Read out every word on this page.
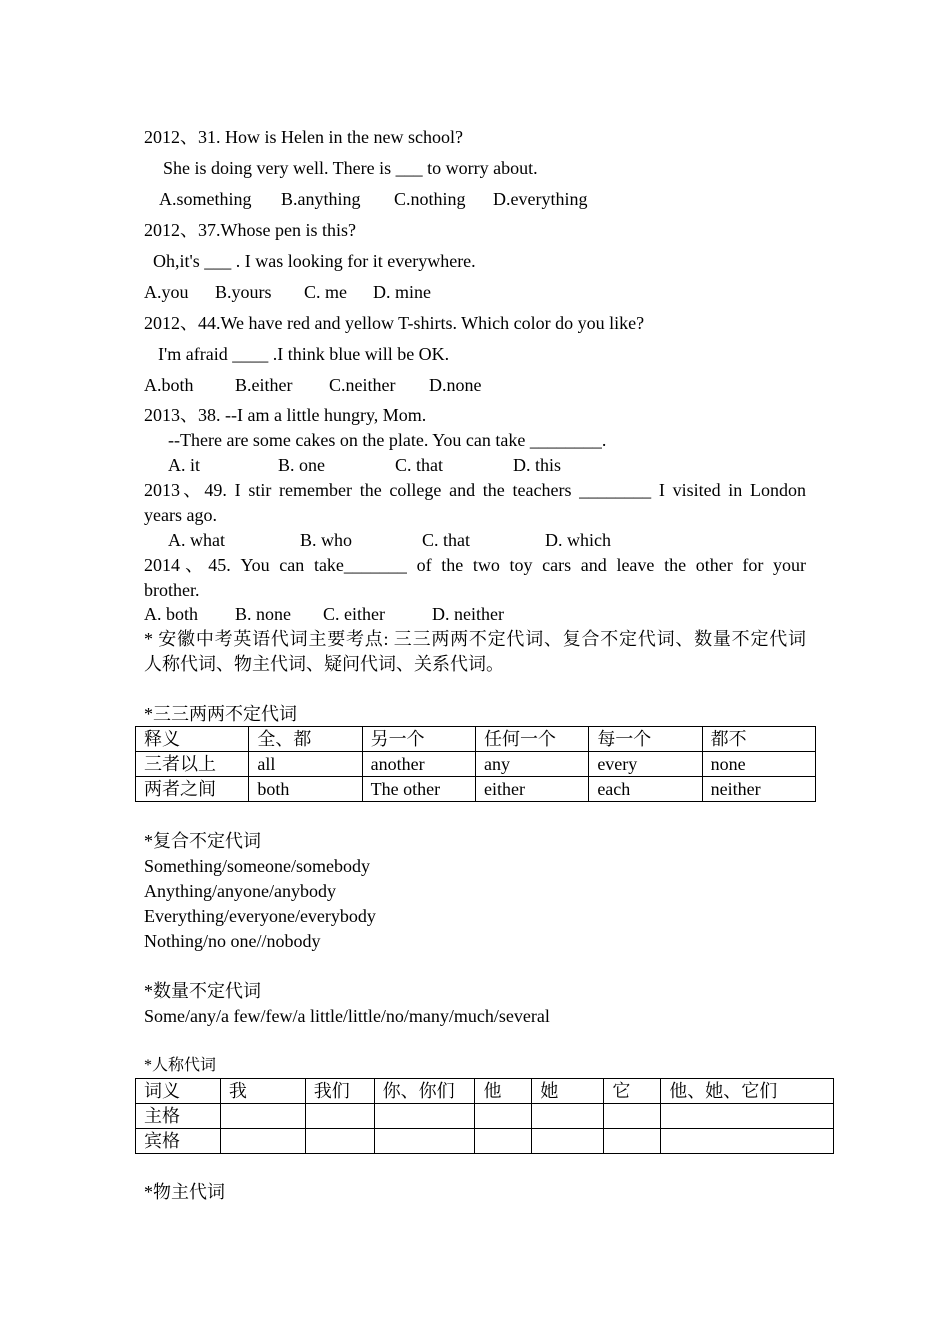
2012、31. How is Helen in the new school?
She is doing very well. There is ___ to worry about.
A.something B.anything C.nothing D.everything
2012、37.Whose pen is this?
Oh,it's ___ . I was looking for it everywhere.
A.you B.yours C. me D. mine
2012、44.We have red and yellow T-shirts. Which color do you like?
I'm afraid ____ .I think blue will be OK.
A.both B.either C.neither D.none
2013、38. --I am a little hungry, Mom.
--There are some cakes on the plate. You can take ________.
A. it	B. one	C. that	D. this
2013、49. I stir remember the college and the teachers ________ I visited in London
years ago.
A. what	B. who	C. that	D. which
2014、45. You can take_______ of the two toy cars and leave the other for your
brother.
A. both B. none C. either	D. neither
* 安徽中考英语代词主要考点: 三三两两不定代词、复合不定代词、数量不定代词
人称代词、物主代词、疑问代词、关系代词。
*三三两两不定代词
释义	全、都	另一个	任何一个	每一个	都不
三者以上	all	another	any	every	none
两者之间	both	The other	either	each	neither
*复合不定代词
Something/someone/somebody
Anything/anyone/anybody
Everything/everyone/everybody
Nothing/no one//nobody
*数量不定代词
Some/any/a few/few/a little/little/no/many/much/several
*人称代词
词义	我	我们	你、你们	他	她	它	他、她、它们
主格							
宾格							
*物主代词
